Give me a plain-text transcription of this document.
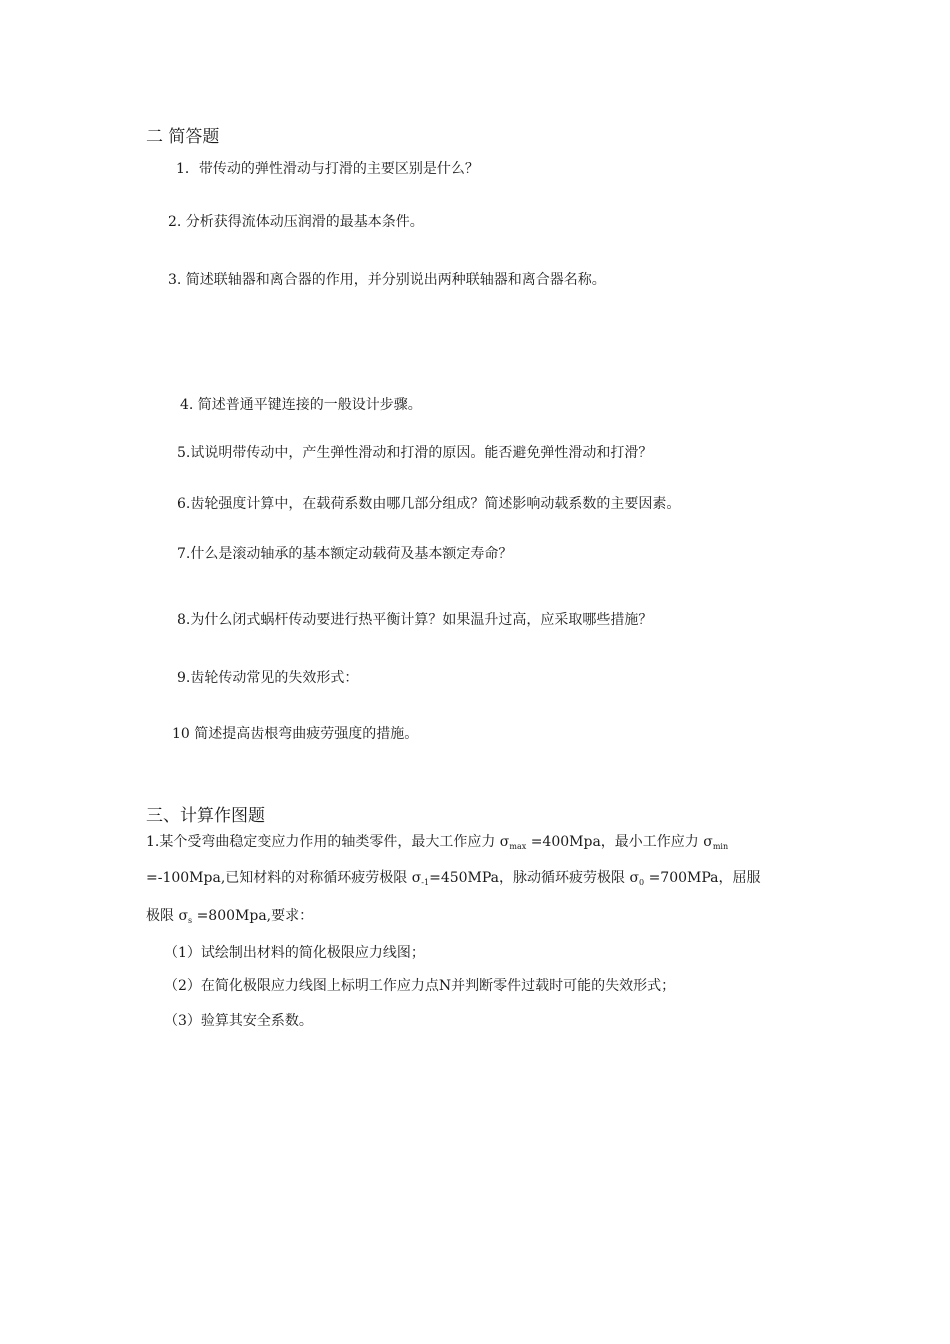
二 简答题

1．带传动的弹性滑动与打滑的主要区别是什么？

2. 分析获得流体动压润滑的最基本条件。

3. 简述联轴器和离合器的作用，并分别说出两种联轴器和离合器名称。

4. 简述普通平键连接的一般设计步骤。

5.试说明带传动中，产生弹性滑动和打滑的原因。能否避免弹性滑动和打滑？

6.齿轮强度计算中，在载荷系数由哪几部分组成？简述影响动载系数的主要因素。

7.什么是滚动轴承的基本额定动载荷及基本额定寿命？

8.为什么闭式蜗杆传动要进行热平衡计算？如果温升过高，应采取哪些措施？

9.齿轮传动常见的失效形式：

10 简述提高齿根弯曲疲劳强度的措施。

三、计算作图题

1.某个受弯曲稳定变应力作用的轴类零件，最大工作应力 $\sigma_{max} =400Mpa$，最小工作应力 $\sigma_{min}$

=-100Mpa,已知材料的对称循环疲劳极限 $\sigma_{-1}=450MPa$，脉动循环疲劳极限 $\sigma_0 =700MPa$，屈服

极限 $\sigma_s =800Mpa$,要求：

（1）试绘制出材料的简化极限应力线图；

（2）在简化极限应力线图上标明工作应力点N并判断零件过载时可能的失效形式；

（3）验算其安全系数。
